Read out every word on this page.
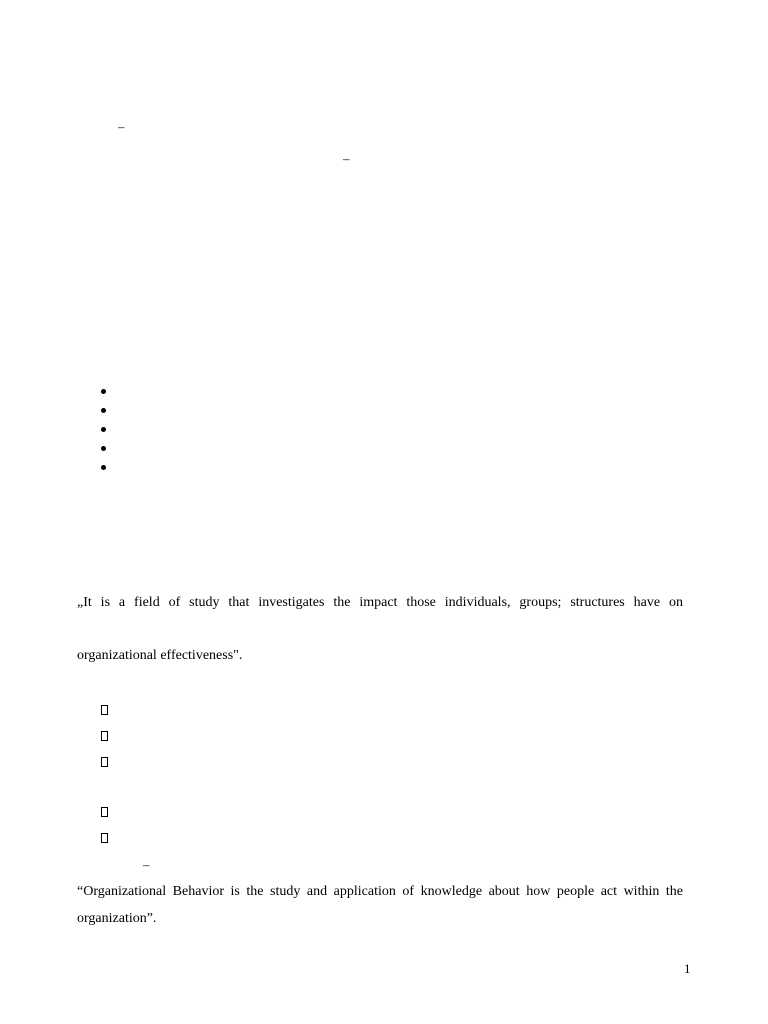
–
–
„It is a field of study that investigates the impact those individuals, groups; structures have on
organizational effectiveness".
–
“Organizational Behavior is the study and application of knowledge about how people act within the
organization”.
1
